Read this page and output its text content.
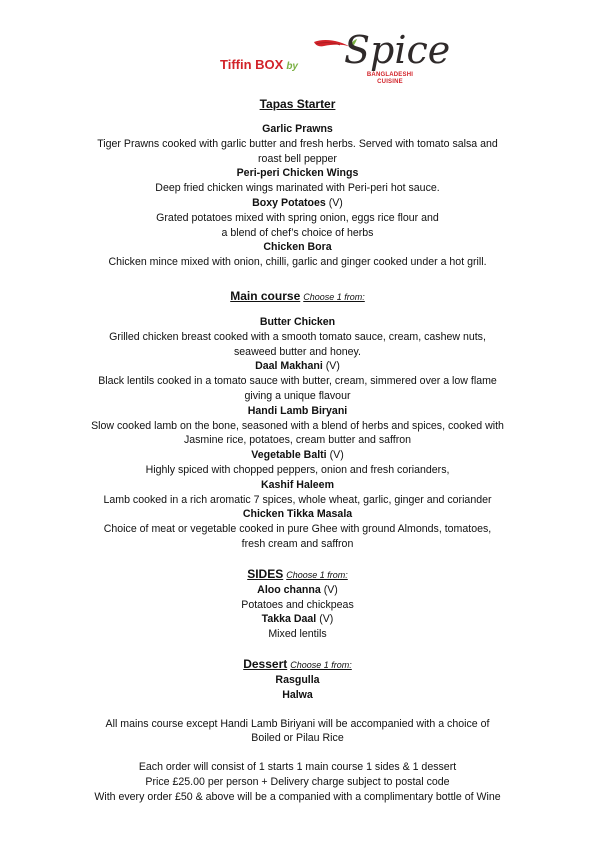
Tiffin BOX by Spice
BANGLADESHI CUISINE

Tapas Starter

Garlic Prawns

Tiger Prawns cooked with garlic butter and fresh herbs. Served with tomato salsa and

roast bell pepper

Peri-peri Chicken Wings

Deep fried chicken wings marinated with Peri-peri hot sauce.

Boxy Potatoes (V)

Grated potatoes mixed with spring onion, eggs rice flour and

a blend of chef’s choice of herbs

Chicken Bora

Chicken mince mixed with onion, chilli, garlic and ginger cooked under a hot grill.

Main course Choose 1 from:

Butter Chicken

Grilled chicken breast cooked with a smooth tomato sauce, cream, cashew nuts,

seaweed butter and honey.

Daal Makhani (V)

Black lentils cooked in a tomato sauce with butter, cream, simmered over a low flame

giving a unique flavour

Handi Lamb Biryani

Slow cooked lamb on the bone, seasoned with a blend of herbs and spices, cooked with

Jasmine rice, potatoes, cream butter and saffron

Vegetable Balti (V)

Highly spiced with chopped peppers, onion and fresh corianders,

Kashif Haleem

Lamb cooked in a rich aromatic 7 spices, whole wheat, garlic, ginger and coriander

Chicken Tikka Masala

Choice of meat or vegetable cooked in pure Ghee with ground Almonds, tomatoes,

fresh cream and saffron

SIDES Choose 1 from:

Aloo channa (V)

Potatoes and chickpeas

Takka Daal (V)

Mixed lentils

Dessert Choose 1 from:

Rasgulla

Halwa

All mains course except Handi Lamb Biriyani will be accompanied with a choice of

Boiled or Pilau Rice

Each order will consist of 1 starts 1 main course 1 sides & 1 dessert

Price £25.00 per person + Delivery charge subject to postal code

With every order £50 & above will be a companied with a complimentary bottle of Wine
